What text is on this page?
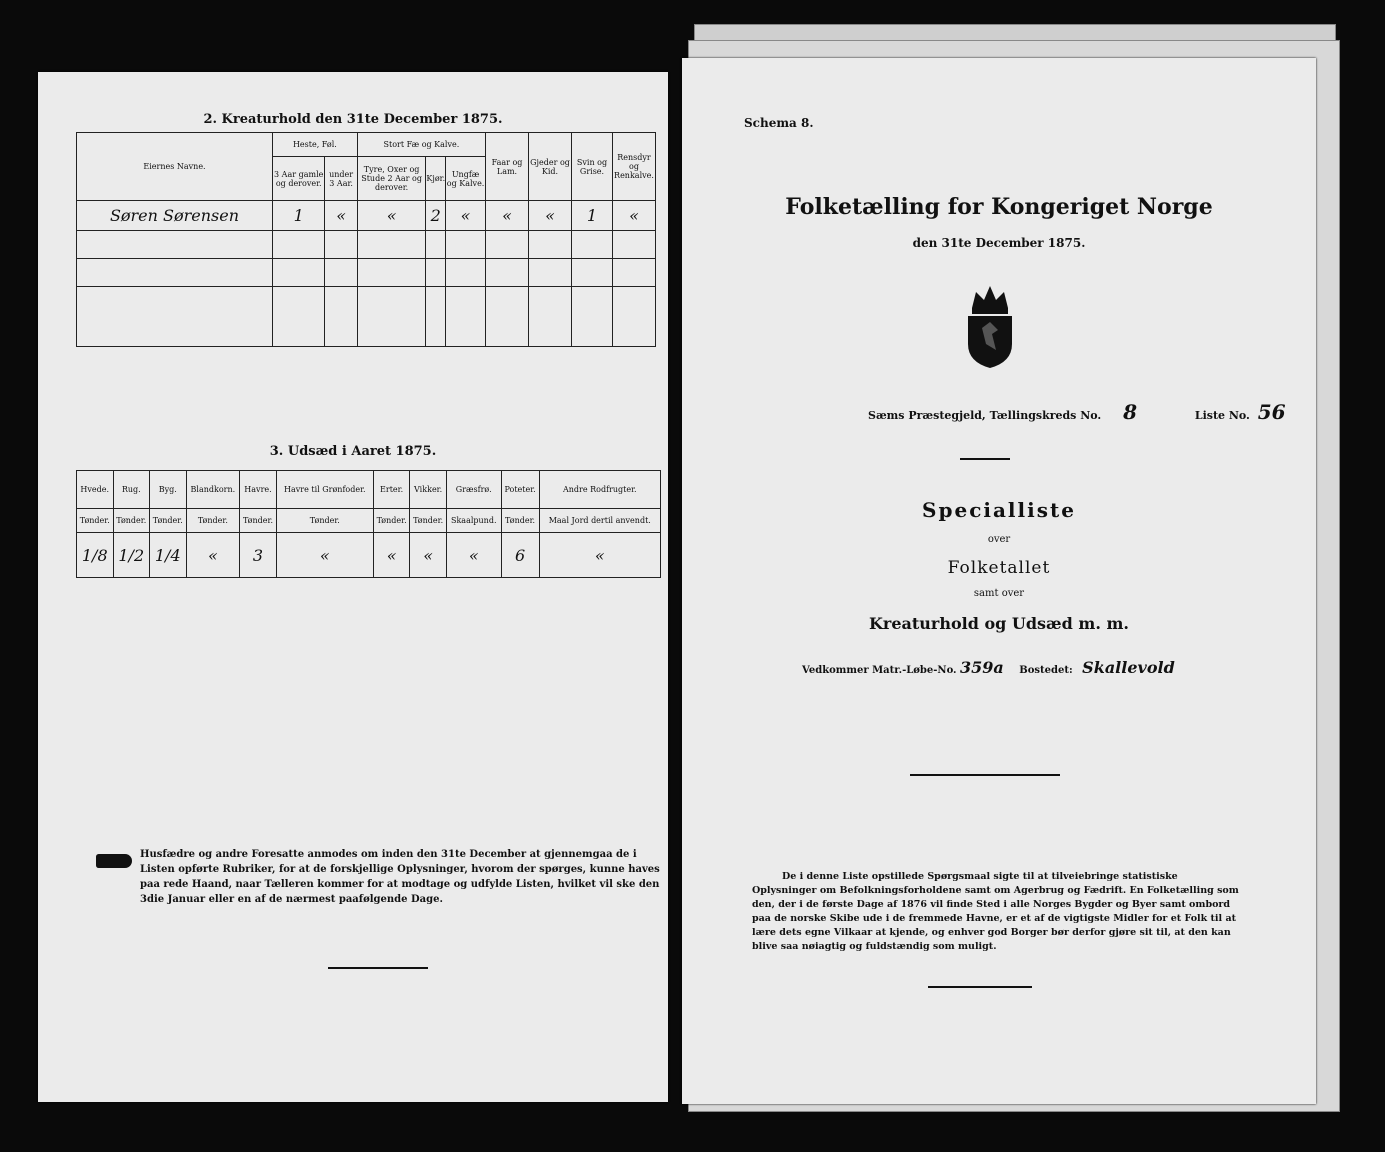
2. Kreaturhold den 31te December 1875.
Eiernes Navne.	Heste, Føl.		Stort Fæ og Kalve.			Faar og Lam.	Gjeder og Kid.	Svin og Grise.	Rensdyr og Renkalve.
	3 Aar gamle og derover.	under 3 Aar.	Tyre, Oxer og Stude 2 Aar og derover.	Kjør.	Ungfæ og Kalve.				
Søren Sørensen	1	«	«	2	«	«	«	1	«

3. Udsæd i Aaret 1875.
Hvede.	Rug.	Byg.	Blandkorn.	Havre.	Havre til Grønfoder.	Erter.	Vikker.	Græsfrø.	Poteter.	Andre Rodfrugter.
Tønder.	Tønder.	Tønder.	Tønder.	Tønder.	Tønder.	Tønder.	Tønder.	Skaalpund.	Tønder.	Maal Jord dertil anvendt.
1/8	1/2	1/4	«	3	«	«	«	«	6	«
Husfædre og andre Foresatte anmodes om inden den 31te December at gjennemgaa de i Listen opførte Rubriker, for at de forskjellige Oplysninger, hvorom der spørges, kunne haves paa rede Haand, naar Tælleren kommer for at modtage og udfylde Listen, hvilket vil ske den 3die Januar eller en af de nærmest paafølgende Dage.
Schema 8.
Folketælling for Kongeriget Norge
den 31te December 1875.
Sæms Præstegjeld, Tællingskreds No. 8	Liste No. 56
Specialliste
over
Folketallet
samt over
Kreaturhold og Udsæd m. m.
Vedkommer Matr.-Løbe-No. 359a Bostedet: Skallevold
De i denne Liste opstillede Spørgsmaal sigte til at tilveiebringe statistiske Oplysninger om Befolkningsforholdene samt om Agerbrug og Fædrift. En Folketælling som den, der i de første Dage af 1876 vil finde Sted i alle Norges Bygder og Byer samt ombord paa de norske Skibe ude i de fremmede Havne, er et af de vigtigste Midler for et Folk til at lære dets egne Vilkaar at kjende, og enhver god Borger bør derfor gjøre sit til, at den kan blive saa nøiagtig og fuldstændig som muligt.
